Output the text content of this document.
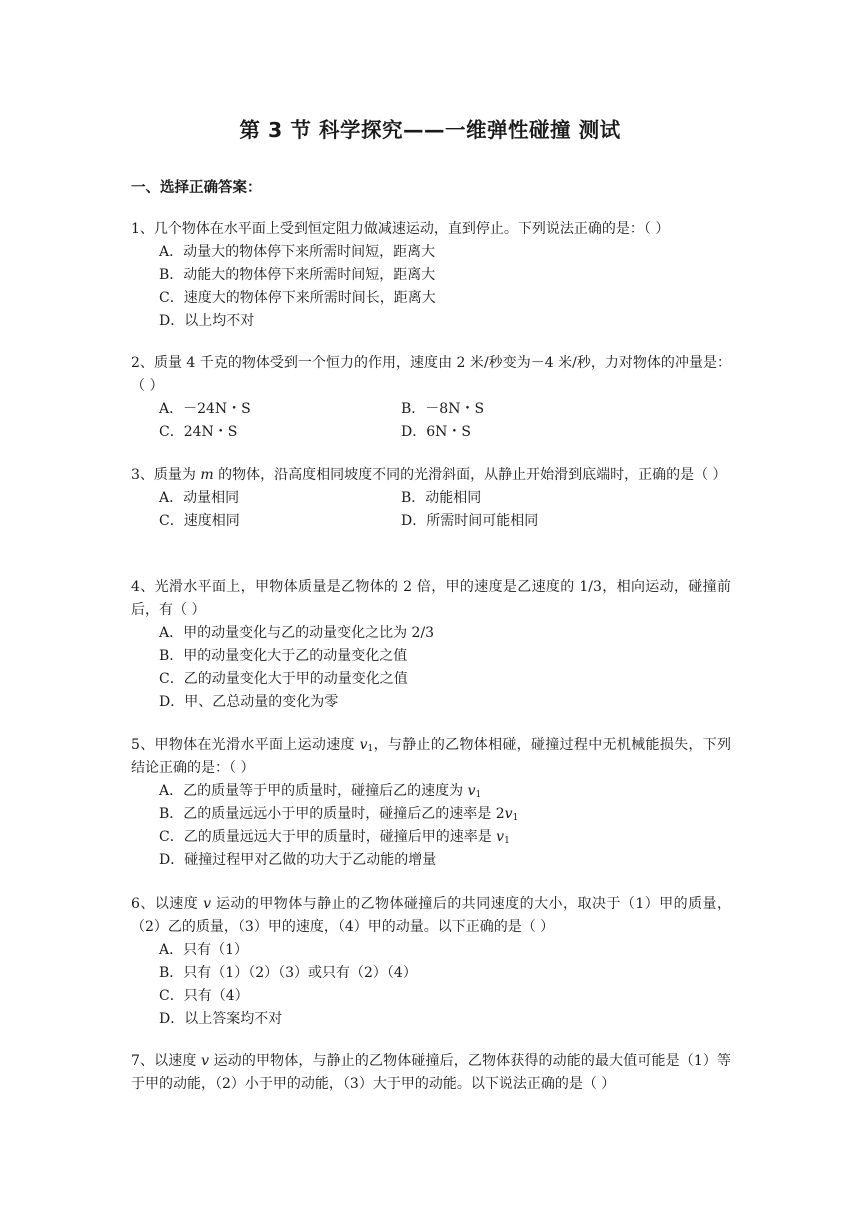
第 3 节 科学探究——一维弹性碰撞 测试
一、选择正确答案：
1、几个物体在水平面上受到恒定阻力做减速运动，直到停止。下列说法正确的是：（ ）
A．动量大的物体停下来所需时间短，距离大
B．动能大的物体停下来所需时间短，距离大
C．速度大的物体停下来所需时间长，距离大
D．以上均不对
2、质量 4 千克的物体受到一个恒力的作用，速度由 2 米/秒变为－4 米/秒，力对物体的冲量是：（ ）
A．－24N・S	B．－8N・S
C．24N・S	D．6N・S
3、质量为 m 的物体，沿高度相同坡度不同的光滑斜面，从静止开始滑到底端时，正确的是（ ）
A．动量相同	B．动能相同
C．速度相同	D．所需时间可能相同
4、光滑水平面上，甲物体质量是乙物体的 2 倍，甲的速度是乙速度的 1/3，相向运动，碰撞前后，有（ ）
A．甲的动量变化与乙的动量变化之比为 2/3
B．甲的动量变化大于乙的动量变化之值
C．乙的动量变化大于甲的动量变化之值
D．甲、乙总动量的变化为零
5、甲物体在光滑水平面上运动速度 $v_1$，与静止的乙物体相碰，碰撞过程中无机械能损失，下列结论正确的是：（ ）
A．乙的质量等于甲的质量时，碰撞后乙的速度为 $v_1$
B．乙的质量远远小于甲的质量时，碰撞后乙的速率是 $2v_1$
C．乙的质量远远大于甲的质量时，碰撞后甲的速率是 $v_1$
D．碰撞过程甲对乙做的功大于乙动能的增量
6、以速度 v 运动的甲物体与静止的乙物体碰撞后的共同速度的大小，取决于（1）甲的质量，（2）乙的质量，（3）甲的速度，（4）甲的动量。以下正确的是（ ）
A．只有（1）
B．只有（1）（2）（3）或只有（2）（4）
C．只有（4）
D．以上答案均不对
7、以速度 v 运动的甲物体，与静止的乙物体碰撞后，乙物体获得的动能的最大值可能是（1）等于甲的动能，（2）小于甲的动能，（3）大于甲的动能。以下说法正确的是（ ）
